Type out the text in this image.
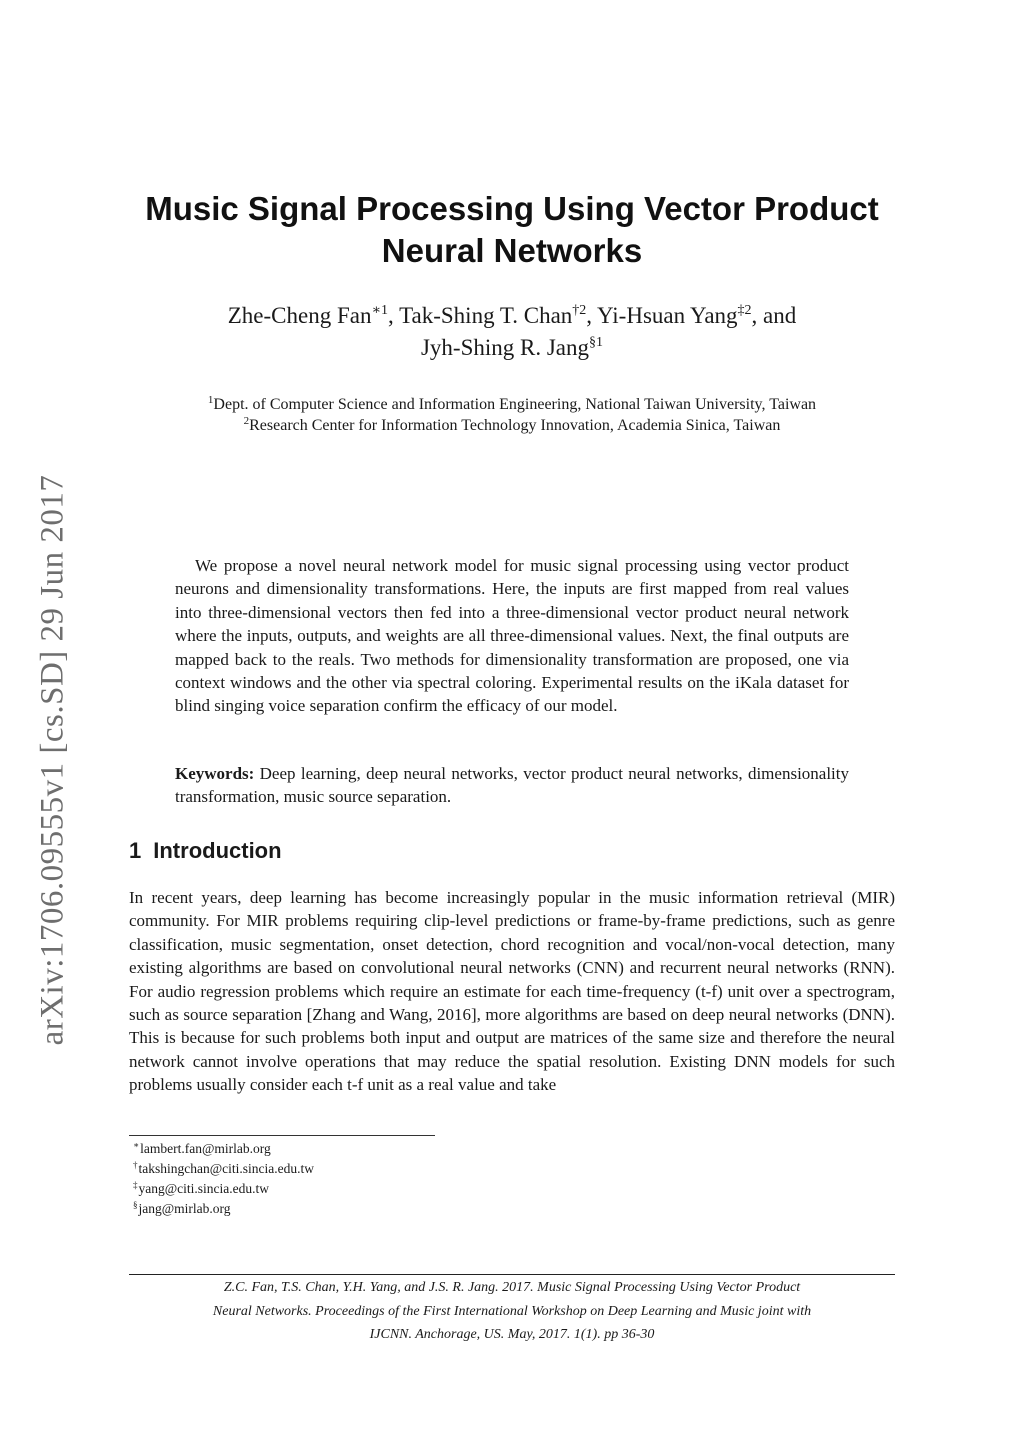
arXiv:1706.09555v1 [cs.SD] 29 Jun 2017
Music Signal Processing Using Vector Product
Neural Networks
Zhe-Cheng Fan$^{∗1}$, Tak-Shing T. Chan$^{\dagger 2}$, Yi-Hsuan Yang$^{\ddagger 2}$, and
Jyh-Shing R. Jang$^{\S 1}$
$^1$Dept. of Computer Science and Information Engineering, National Taiwan University, Taiwan
$^2$Research Center for Information Technology Innovation, Academia Sinica, Taiwan

We propose a novel neural network model for music signal processing using vector product neurons and dimensionality transformations. Here, the inputs are first mapped from real values into three-dimensional vectors then fed into a three-dimensional vector product neural network where the inputs, outputs, and weights are all three-dimensional values. Next, the final outputs are mapped back to the reals. Two methods for dimensionality transformation are proposed, one via context windows and the other via spectral coloring. Experimental results on the iKala dataset for blind singing voice separation confirm the efficacy of our model.

Keywords: Deep learning, deep neural networks, vector product neural networks, dimensionality transformation, music source separation.

1 Introduction

In recent years, deep learning has become increasingly popular in the music information retrieval (MIR) community. For MIR problems requiring clip-level predictions or frame-by-frame predictions, such as genre classification, music segmentation, onset detection, chord recognition and vocal/non-vocal detection, many existing algorithms are based on convolutional neural networks (CNN) and recurrent neural networks (RNN). For audio regression problems which require an estimate for each time-frequency (t-f) unit over a spectrogram, such as source separation [Zhang and Wang, 2016], more algorithms are based on deep neural networks (DNN). This is because for such problems both input and output are matrices of the same size and therefore the neural network cannot involve operations that may reduce the spatial resolution. Existing DNN models for such problems usually consider each t-f unit as a real value and take

∗lambert.fan@mirlab.org
†takshingchan@citi.sincia.edu.tw
‡yang@citi.sincia.edu.tw
§jang@mirlab.org
Z.C. Fan, T.S. Chan, Y.H. Yang, and J.S. R. Jang. 2017. Music Signal Processing Using Vector Product
Neural Networks. Proceedings of the First International Workshop on Deep Learning and Music joint with
IJCNN. Anchorage, US. May, 2017. 1(1). pp 36-30
